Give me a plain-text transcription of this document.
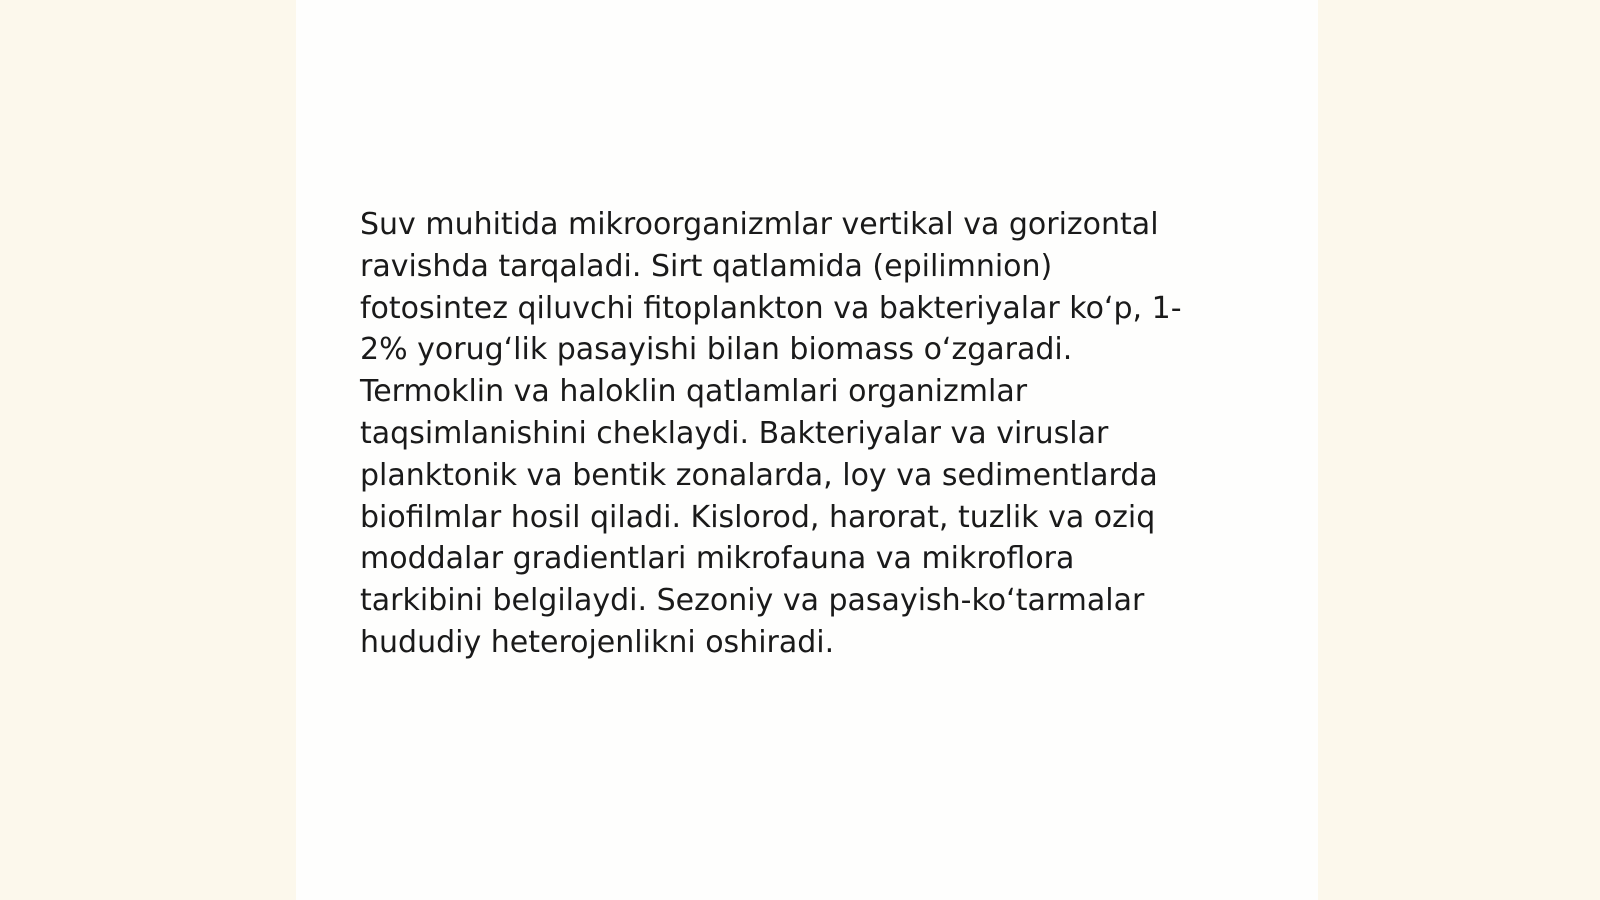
Suv muhitida mikroorganizmlar vertikal va gorizontal
ravishda tarqaladi. Sirt qatlamida (epilimnion)
fotosintez qiluvchi fitoplankton va bakteriyalar ko‘p, 1-
2% yorug‘lik pasayishi bilan biomass o‘zgaradi.
Termoklin va haloklin qatlamlari organizmlar
taqsimlanishini cheklaydi. Bakteriyalar va viruslar
planktonik va bentik zonalarda, loy va sedimentlarda
biofilmlar hosil qiladi. Kislorod, harorat, tuzlik va oziq
moddalar gradientlari mikrofauna va mikroflora
tarkibini belgilaydi. Sezoniy va pasayish-ko‘tarmalar
hududiy heterojenlikni oshiradi.
